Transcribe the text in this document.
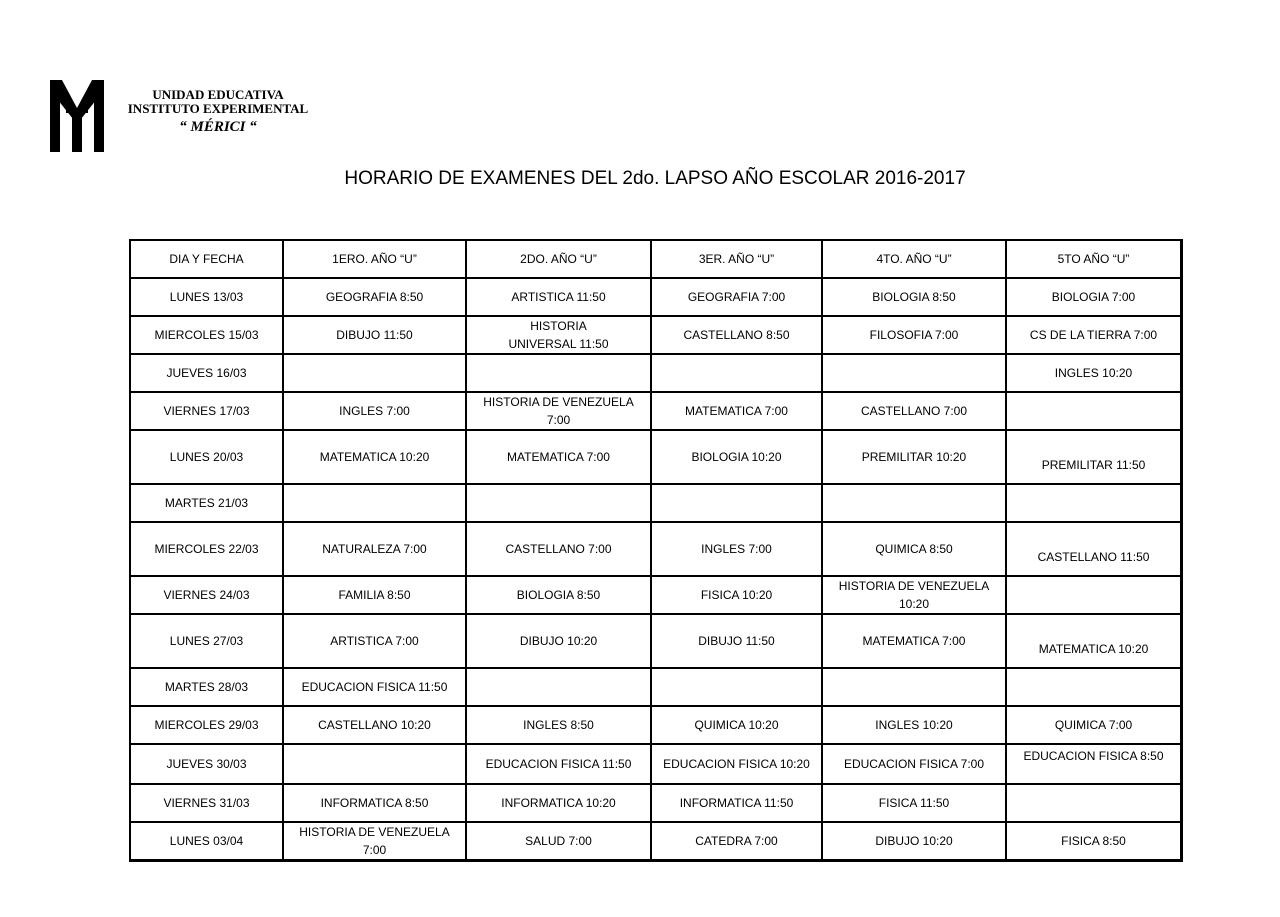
UNIDAD EDUCATIVA
INSTITUTO EXPERIMENTAL
“ MÉRICI “
HORARIO DE EXAMENES DEL 2do. LAPSO AÑO ESCOLAR 2016-2017
DIA Y FECHA	1ERO. AÑO “U”	2DO. AÑO “U”	3ER. AÑO “U”	4TO. AÑO “U”	5TO AÑO “U”
LUNES 13/03	GEOGRAFIA 8:50	ARTISTICA 11:50	GEOGRAFIA 7:00	BIOLOGIA 8:50	BIOLOGIA 7:00
MIERCOLES 15/03	DIBUJO 11:50	HISTORIA UNIVERSAL 11:50	CASTELLANO 8:50	FILOSOFIA 7:00	CS DE LA TIERRA 7:00
JUEVES 16/03					INGLES 10:20
VIERNES 17/03	INGLES 7:00	HISTORIA DE VENEZUELA 7:00	MATEMATICA 7:00	CASTELLANO 7:00	
LUNES 20/03	MATEMATICA 10:20	MATEMATICA 7:00	BIOLOGIA 10:20	PREMILITAR 10:20	PREMILITAR 11:50
MARTES 21/03					
MIERCOLES 22/03	NATURALEZA 7:00	CASTELLANO 7:00	INGLES 7:00	QUIMICA 8:50	CASTELLANO 11:50
VIERNES 24/03	FAMILIA 8:50	BIOLOGIA 8:50	FISICA 10:20	HISTORIA DE VENEZUELA 10:20	
LUNES 27/03	ARTISTICA 7:00	DIBUJO 10:20	DIBUJO 11:50	MATEMATICA 7:00	MATEMATICA 10:20
MARTES 28/03	EDUCACION FISICA 11:50				
MIERCOLES 29/03	CASTELLANO 10:20	INGLES 8:50	QUIMICA 10:20	INGLES 10:20	QUIMICA 7:00
JUEVES 30/03		EDUCACION FISICA 11:50	EDUCACION FISICA 10:20	EDUCACION FISICA 7:00	EDUCACION FISICA 8:50
VIERNES 31/03	INFORMATICA 8:50	INFORMATICA 10:20	INFORMATICA 11:50	FISICA 11:50	
LUNES 03/04	HISTORIA DE VENEZUELA 7:00	SALUD 7:00	CATEDRA 7:00	DIBUJO 10:20	FISICA 8:50
